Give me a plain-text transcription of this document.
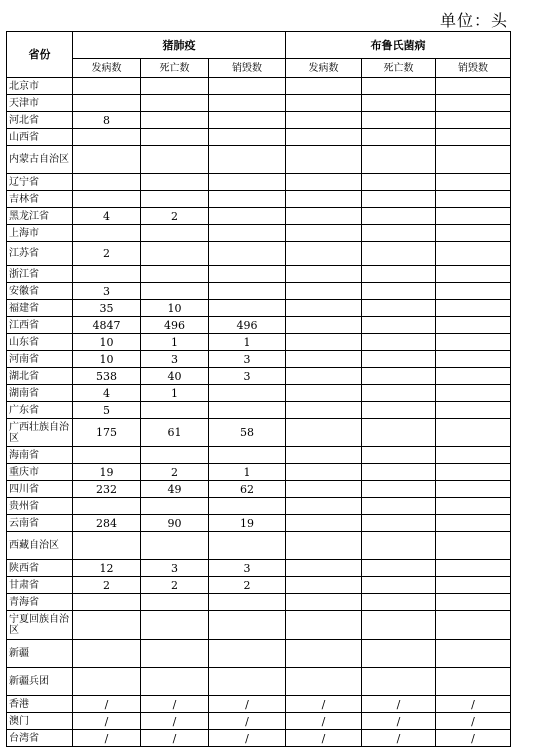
单位：头
省份	猪肺疫			布鲁氏菌病		
	发病数	死亡数	销毁数	发病数	死亡数	销毁数
北京市						
天津市						
河北省	8					
山西省						
内蒙古自治区						
辽宁省						
吉林省						
黑龙江省	4	2				
上海市						
江苏省	2					
浙江省						
安徽省	3					
福建省	35	10				
江西省	4847	496	496			
山东省	10	1	1			
河南省	10	3	3			
湖北省	538	40	3			
湖南省	4	1				
广东省	5					
广西壮族自治区	175	61	58			
海南省						
重庆市	19	2	1			
四川省	232	49	62			
贵州省						
云南省	284	90	19			
西藏自治区						
陕西省	12	3	3			
甘肃省	2	2	2			
青海省						
宁夏回族自治区						
新疆						
新疆兵团						
香港	/	/	/	/	/	/
澳门	/	/	/	/	/	/
台湾省	/	/	/	/	/	/
